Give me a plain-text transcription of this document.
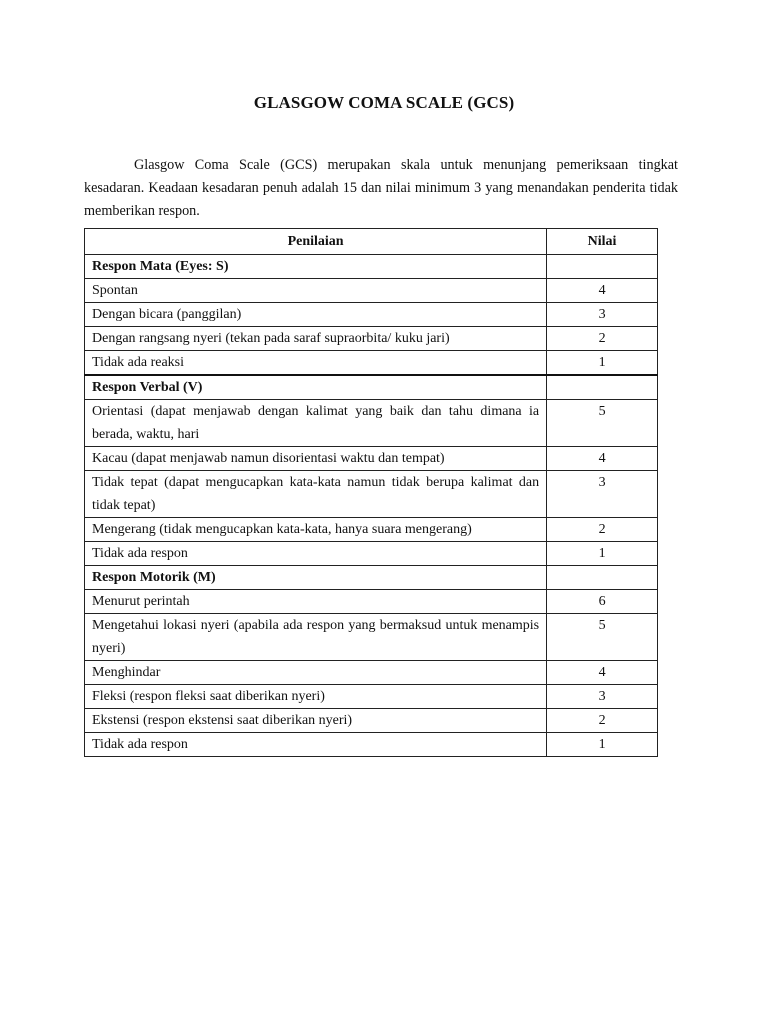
GLASGOW COMA SCALE (GCS)

Glasgow Coma Scale (GCS) merupakan skala untuk menunjang pemeriksaan tingkat kesadaran. Keadaan kesadaran penuh adalah 15 dan nilai minimum 3 yang menandakan penderita tidak memberikan respon.

Penilaian	Nilai
Respon Mata (Eyes: S)	
Spontan	4
Dengan bicara (panggilan)	3
Dengan rangsang nyeri (tekan pada saraf supraorbita/ kuku jari)	2
Tidak ada reaksi	1
Respon Verbal (V)	
Orientasi (dapat menjawab dengan kalimat yang baik dan tahu dimana ia berada, waktu, hari	5
Kacau (dapat menjawab namun disorientasi waktu dan tempat)	4
Tidak tepat (dapat mengucapkan kata-kata namun tidak berupa kalimat dan tidak tepat)	3
Mengerang (tidak mengucapkan kata-kata, hanya suara mengerang)	2
Tidak ada respon	1
Respon Motorik (M)	
Menurut perintah	6
Mengetahui lokasi nyeri (apabila ada respon yang bermaksud untuk menampis nyeri)	5
Menghindar	4
Fleksi (respon fleksi saat diberikan nyeri)	3
Ekstensi (respon ekstensi saat diberikan nyeri)	2
Tidak ada respon	1
